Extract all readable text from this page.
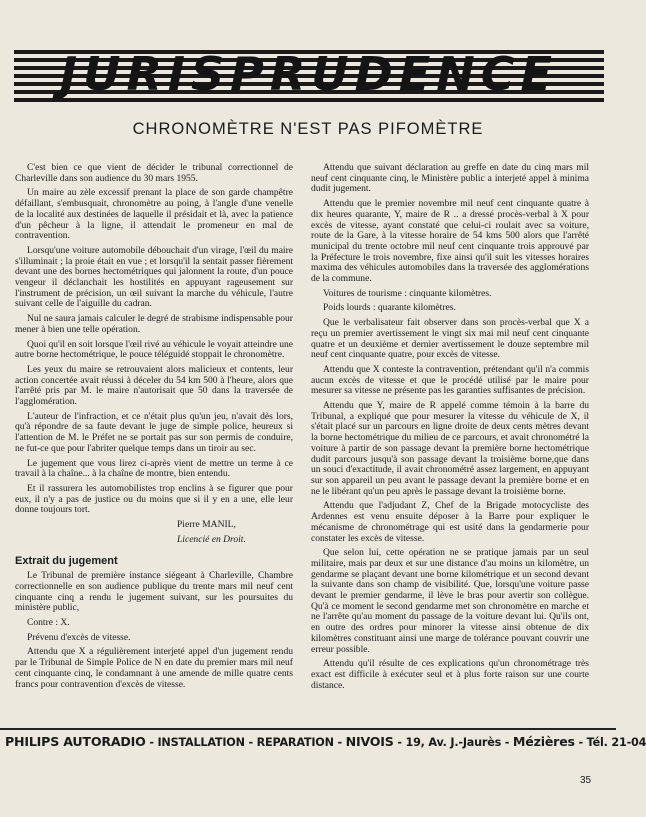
JURISPRUDENCE
CHRONOMÈTRE N'EST PAS PIFOMÈTRE

C'est bien ce que vient de décider le tribunal correctionnel de Charleville dans son audience du 30 mars 1955.

Un maire au zèle excessif prenant la place de son garde champêtre défaillant, s'embusquait, chronomètre au poing, à l'angle d'une venelle de la localité aux destinées de laquelle il présidait et là, avec la patience d'un pêcheur à la ligne, il attendait le promeneur en mal de contravention.

Lorsqu'une voiture automobile débouchait d'un virage, l'œil du maire s'illuminait ; la proie était en vue ; et lorsqu'il la sentait passer fièrement devant une des bornes hectométriques qui jalonnent la route, d'un pouce vengeur il déclanchait les hostilités en appuyant rageusement sur l'instrument de précision, un œil suivant la marche du véhicule, l'autre suivant celle de l'aiguille du cadran.

Nul ne saura jamais calculer le degré de strabisme indispensable pour mener à bien une telle opération.

Quoi qu'il en soit lorsque l'œil rivé au véhicule le voyait atteindre une autre borne hectométrique, le pouce téléguidé stoppait le chronomètre.

Les yeux du maire se retrouvaient alors malicieux et contents, leur action concertée avait réussi à déceler du 54 km 500 à l'heure, alors que l'arrêté pris par M. le maire n'autorisait que 50 dans la traversée de l'agglomération.

L'auteur de l'infraction, et ce n'était plus qu'un jeu, n'avait dès lors, qu'à répondre de sa faute devant le juge de simple police, heureux si l'attention de M. le Préfet ne se portait pas sur son permis de conduire, ne fut-ce que pour l'abriter quelque temps dans un tiroir au sec.

Le jugement que vous lirez ci-après vient de mettre un terme à ce travail à la chaîne... à la chaîne de montre, bien entendu.

Et il rassurera les automobilistes trop enclins à se figurer que pour eux, il n'y a pas de justice ou du moins que si il y en a une, elle leur donne toujours tort.

Pierre MANIL,

Licencié en Droit.

Extrait du jugement

Le Tribunal de première instance siégeant à Charleville, Chambre correctionnelle en son audience publique du trente mars mil neuf cent cinquante cinq a rendu le jugement suivant, sur les poursuites du ministère public,

Contre : X.

Prévenu d'excès de vitesse.

Attendu que X a régulièrement interjeté appel d'un jugement rendu par le Tribunal de Simple Police de N en date du premier mars mil neuf cent cinquante cinq, le condamnant à une amende de mille quatre cents francs pour contravention d'excès de vitesse.

Attendu que suivant déclaration au greffe en date du cinq mars mil neuf cent cinquante cinq, le Ministère public a interjeté appel à minima dudit jugement.

Attendu que le premier novembre mil neuf cent cinquante quatre à dix heures quarante, Y, maire de R .. a dressé procès-verbal à X pour excès de vitesse, ayant constaté que celui-ci roulait avec sa voiture, route de la Gare, à la vitesse horaire de 54 kms 500 alors que l'arrêté municipal du trente octobre mil neuf cent cinquante trois approuvé par la Préfecture le trois novembre, fixe ainsi qu'il suit les vitesses horaires maxima des véhicules automobiles dans la traversée des agglomérations de la commune.

Voitures de tourisme : cinquante kilomètres.

Poids lourds : quarante kilomètres.

Que le verbalisateur fait observer dans son procès-verbal que X a reçu un premier avertissement le vingt six mai mil neuf cent cinquante quatre et un deuxième et dernier avertissement le douze septembre mil neuf cent cinquante quatre, pour excès de vitesse.

Attendu que X conteste la contravention, prétendant qu'il n'a commis aucun excès de vitesse et que le procédé utilisé par le maire pour mesurer sa vitesse ne présente pas les garanties suffisantes de précision.

Attendu que Y, maire de R appelé comme témoin à la barre du Tribunal, a expliqué que pour mesurer la vitesse du véhicule de X, il s'était placé sur un parcours en ligne droite de deux cents mètres devant la borne hectométrique du milieu de ce parcours, et avait chronométré la voiture à partir de son passage devant la première borne hectométrique dudit parcours jusqu'à son passage devant la troisième borne,que dans un souci d'exactitude, il avait chronométré assez largement, en appuyant sur son appareil un peu avant le passage devant la première borne et en ne le libérant qu'un peu après le passage devant la troisième borne.

Attendu que l'adjudant Z, Chef de la Brigade motocycliste des Ardennes est venu ensuite déposer à la Barre pour expliquer le mécanisme de chronométrage qui est usité dans la gendarmerie pour constater les excès de vitesse.

Que selon lui, cette opération ne se pratique jamais par un seul militaire, mais par deux et sur une distance d'au moins un kilomètre, un gendarme se plaçant devant une borne kilométrique et un second devant la suivante dans son champ de visibilité. Que, lorsqu'une voiture passe devant le premier gendarme, il lève le bras pour avertir son collègue. Qu'à ce moment le second gendarme met son chronomètre en marche et ne l'arrête qu'au moment du passage de la voiture devant lui. Qu'ils ont, en outre des ordres pour minorer la vitesse ainsi obtenue de dix kilomètres constituant ainsi une marge de tolérance pouvant couvrir une erreur possible.

Attendu qu'il résulte de ces explications qu'un chronométrage très exact est difficile à exécuter seul et à plus forte raison sur une courte distance.

PHILIPS AUTORADIO - INSTALLATION - REPARATION - NIVOIS - 19, Av. J.-Jaurès - Mézières - Tél. 21-04
35
